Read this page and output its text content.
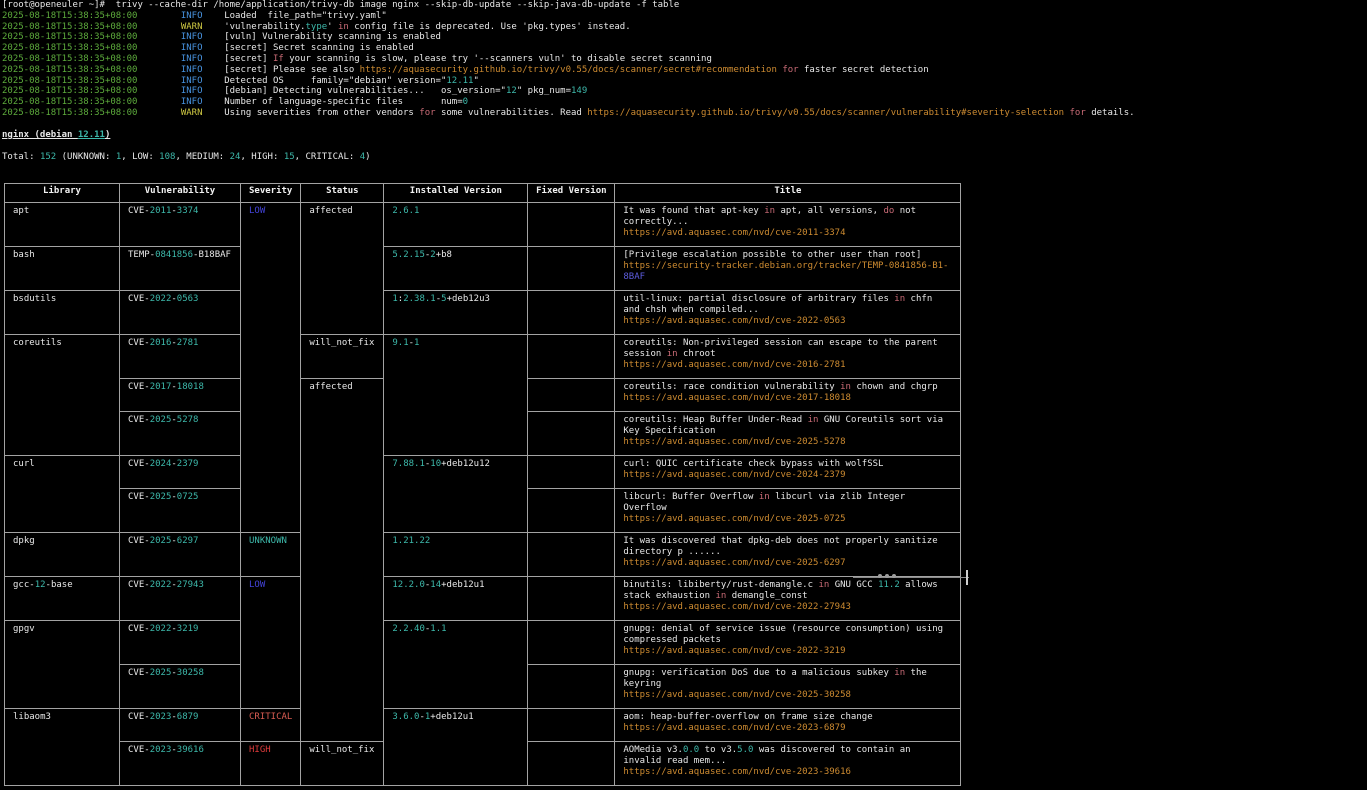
[root@openeuler ~]#  trivy --cache-dir /home/application/trivy-db image nginx --skip-db-update --skip-java-db-update -f table
2025-08-18T15:38:35+08:00	INFO Loaded  file_path="trivy.yaml"
2025-08-18T15:38:35+08:00	WARN 'vulnerability.type' in config file is deprecated. Use 'pkg.types' instead.
2025-08-18T15:38:35+08:00	INFO [vuln] Vulnerability scanning is enabled
2025-08-18T15:38:35+08:00	INFO [secret] Secret scanning is enabled
2025-08-18T15:38:35+08:00	INFO [secret] If your scanning is slow, please try '--scanners vuln' to disable secret scanning
2025-08-18T15:38:35+08:00	INFO [secret] Please see also https://aquasecurity.github.io/trivy/v0.55/docs/scanner/secret#recommendation for faster secret detection
2025-08-18T15:38:35+08:00	INFO Detected OS     family="debian" version="12.11"
2025-08-18T15:38:35+08:00	INFO [debian] Detecting vulnerabilities...   os_version="12" pkg_num=149
2025-08-18T15:38:35+08:00	INFO Number of language-specific files       num=0
2025-08-18T15:38:35+08:00	WARN Using severities from other vendors for some vulnerabilities. Read https://aquasecurity.github.io/trivy/v0.55/docs/scanner/vulnerability#severity-selection for details.
nginx (debian 12.11)
Total: 152 (UNKNOWN: 1, LOW: 108, MEDIUM: 24, HIGH: 15, CRITICAL: 4)
Library	Vulnerability	Severity	Status	Installed Version	Fixed Version	Title

apt	CVE-2011-3374	LOW	affected	2.6.1		It was found that apt-key in apt, all versions, do not
correctly...
https://avd.aquasec.com/nvd/cve-2011-3374

bash	TEMP-0841856-B18BAF			5.2.15-2+b8		[Privilege escalation possible to other user than root]
https://security-tracker.debian.org/tracker/TEMP-0841856-B1-
8BAF

bsdutils	CVE-2022-0563			1:2.38.1-5+deb12u3		util-linux: partial disclosure of arbitrary files in chfn
and chsh when compiled...
https://avd.aquasec.com/nvd/cve-2022-0563

coreutils	CVE-2016-2781		will_not_fix	9.1-1		coreutils: Non-privileged session can escape to the parent
session in chroot
https://avd.aquasec.com/nvd/cve-2016-2781

	CVE-2017-18018		affected			coreutils: race condition vulnerability in chown and chgrp
https://avd.aquasec.com/nvd/cve-2017-18018

	CVE-2025-5278					coreutils: Heap Buffer Under-Read in GNU Coreutils sort via
Key Specification
https://avd.aquasec.com/nvd/cve-2025-5278

curl	CVE-2024-2379			7.88.1-10+deb12u12		curl: QUIC certificate check bypass with wolfSSL
https://avd.aquasec.com/nvd/cve-2024-2379

	CVE-2025-0725					libcurl: Buffer Overflow in libcurl via zlib Integer
Overflow
https://avd.aquasec.com/nvd/cve-2025-0725

dpkg	CVE-2025-6297	UNKNOWN		1.21.22		It was discovered that dpkg-deb does not properly sanitize
directory p ......
https://avd.aquasec.com/nvd/cve-2025-6297

gcc-12-base	CVE-2022-27943	LOW		12.2.0-14+deb12u1		binutils: libiberty/rust-demangle.c in GNU GCC 11.2 allows
stack exhaustion in demangle_const
https://avd.aquasec.com/nvd/cve-2022-27943

gpgv	CVE-2022-3219			2.2.40-1.1		gnupg: denial of service issue (resource consumption) using
compressed packets
https://avd.aquasec.com/nvd/cve-2022-3219

	CVE-2025-30258					gnupg: verification DoS due to a malicious subkey in the
keyring
https://avd.aquasec.com/nvd/cve-2025-30258

libaom3	CVE-2023-6879	CRITICAL		3.6.0-1+deb12u1		aom: heap-buffer-overflow on frame size change
https://avd.aquasec.com/nvd/cve-2023-6879

	CVE-2023-39616	HIGH	will_not_fix			AOMedia v3.0.0 to v3.5.0 was discovered to contain an
invalid read mem...
https://avd.aquasec.com/nvd/cve-2023-39616
